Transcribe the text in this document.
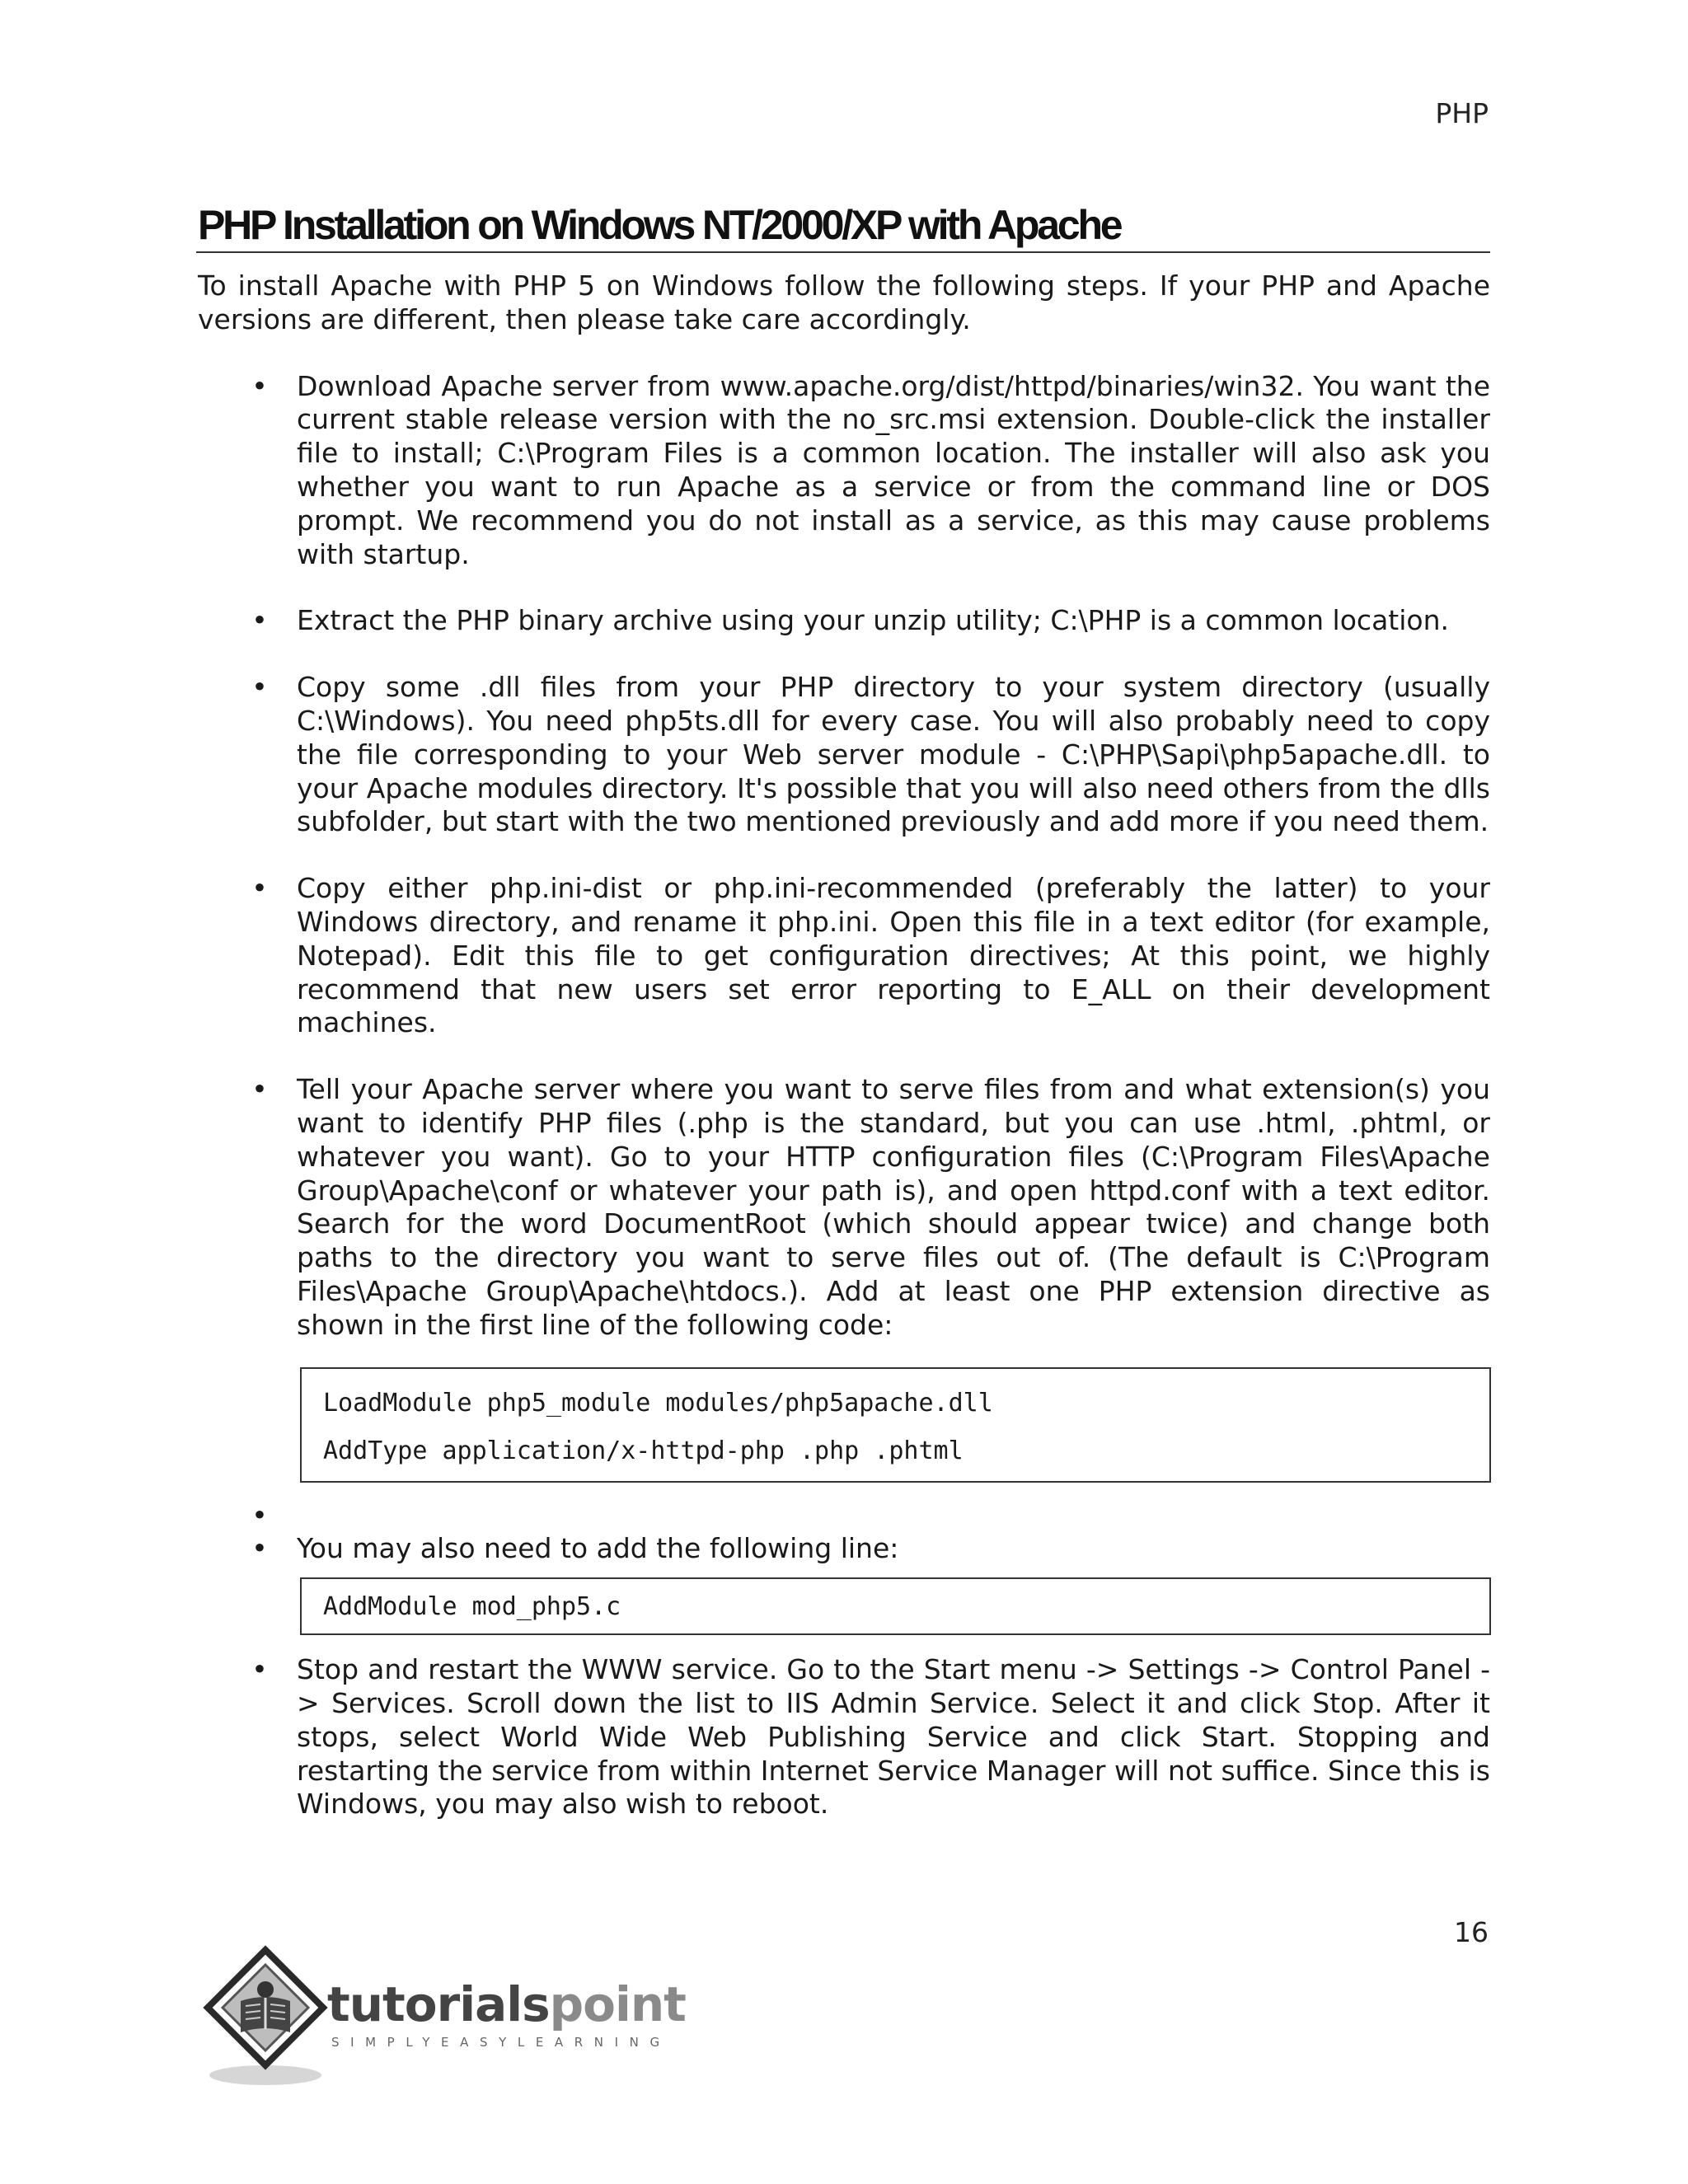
PHP
PHP Installation on Windows NT/2000/XP with Apache

To install Apache with PHP 5 on Windows follow the following steps. If your PHP and Apache versions are different, then please take care accordingly.

• Download Apache server from www.apache.org/dist/httpd/binaries/win32. You want the current stable release version with the no_src.msi extension. Double-click the installer file to install; C:\Program Files is a common location. The installer will also ask you whether you want to run Apache as a service or from the command line or DOS prompt. We recommend you do not install as a service, as this may cause problems with startup.
• Extract the PHP binary archive using your unzip utility; C:\PHP is a common location.
• Copy some .dll files from your PHP directory to your system directory (usually C:\Windows). You need php5ts.dll for every case. You will also probably need to copy the file corresponding to your Web server module - C:\PHP\Sapi\php5apache.dll. to your Apache modules directory. It's possible that you will also need others from the dlls subfolder, but start with the two mentioned previously and add more if you need them.
• Copy either php.ini-dist or php.ini-recommended (preferably the latter) to your Windows directory, and rename it php.ini. Open this file in a text editor (for example, Notepad). Edit this file to get configuration directives; At this point, we highly recommend that new users set error reporting to E_ALL on their development machines.
• Tell your Apache server where you want to serve files from and what extension(s) you want to identify PHP files (.php is the standard, but you can use .html, .phtml, or whatever you want). Go to your HTTP configuration files (C:\Program Files\Apache Group\Apache\conf or whatever your path is), and open httpd.conf with a text editor. Search for the word DocumentRoot (which should appear twice) and change both paths to the directory you want to serve files out of. (The default is C:\Program Files\Apache Group\Apache\htdocs.). Add at least one PHP extension directive as shown in the first line of the following code:
LoadModule php5_module modules/php5apache.dll
AddType application/x-httpd-php .php .phtml
•
• You may also need to add the following line:
AddModule mod_php5.c
• Stop and restart the WWW service. Go to the Start menu -> Settings -> Control Panel -> Services. Scroll down the list to IIS Admin Service. Select it and click Stop. After it stops, select World Wide Web Publishing Service and click Start. Stopping and restarting the service from within Internet Service Manager will not suffice. Since this is Windows, you may also wish to reboot.
16
tutorialspoint
SIMPLYEASYLEARNING
